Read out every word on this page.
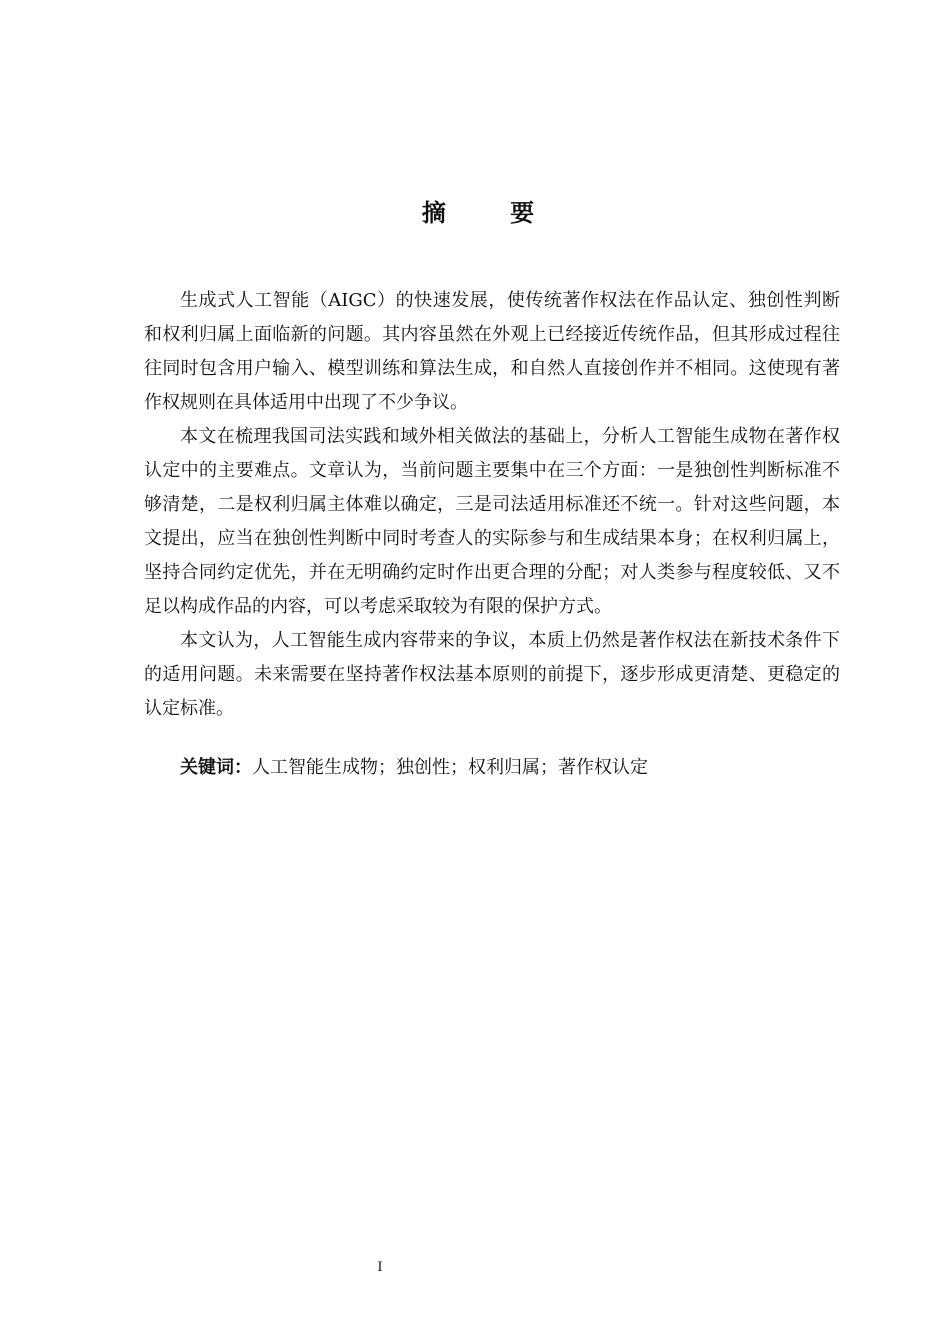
摘 要

生成式人工智能（AIGC）的快速发展，使传统著作权法在作品认定、独创性判断和权利归属上面临新的问题。其内容虽然在外观上已经接近传统作品，但其形成过程往往同时包含用户输入、模型训练和算法生成，和自然人直接创作并不相同。这使现有著作权规则在具体适用中出现了不少争议。

本文在梳理我国司法实践和域外相关做法的基础上，分析人工智能生成物在著作权认定中的主要难点。文章认为，当前问题主要集中在三个方面：一是独创性判断标准不够清楚，二是权利归属主体难以确定，三是司法适用标准还不统一。针对这些问题，本文提出，应当在独创性判断中同时考查人的实际参与和生成结果本身；在权利归属上，坚持合同约定优先，并在无明确约定时作出更合理的分配；对人类参与程度较低、又不足以构成作品的内容，可以考虑采取较为有限的保护方式。

本文认为，人工智能生成内容带来的争议，本质上仍然是著作权法在新技术条件下的适用问题。未来需要在坚持著作权法基本原则的前提下，逐步形成更清楚、更稳定的认定标准。

关键词：人工智能生成物；独创性；权利归属；著作权认定
I
